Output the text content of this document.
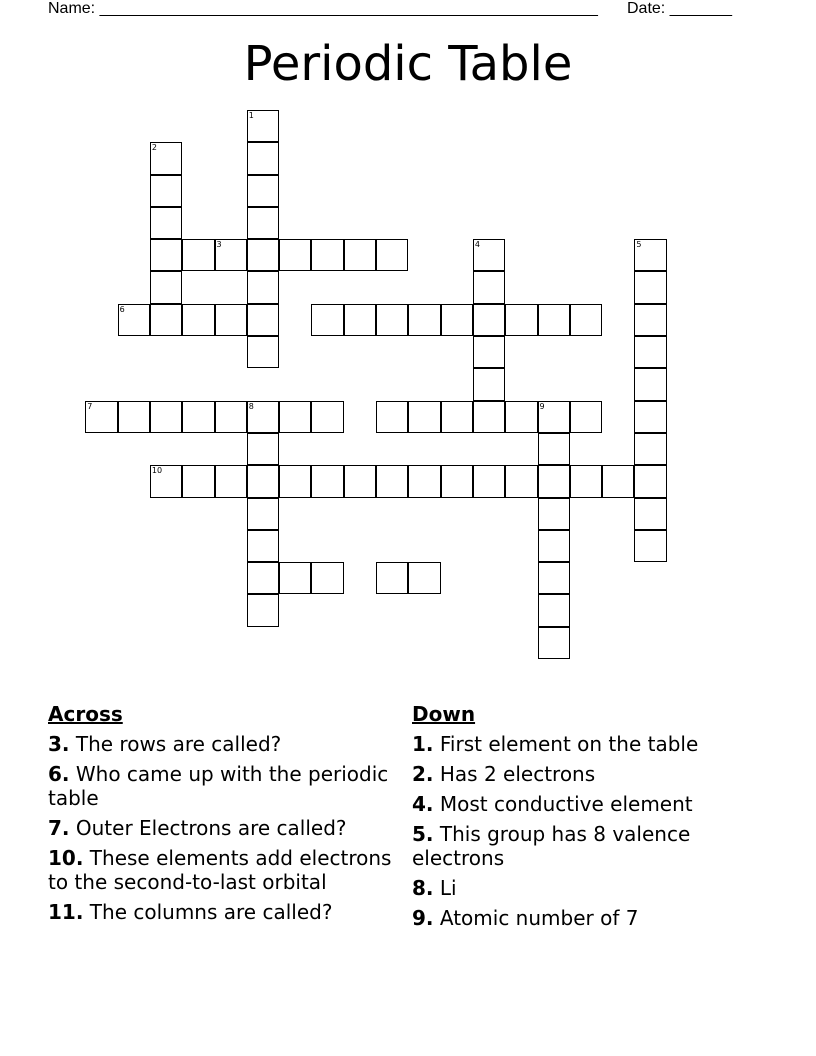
Name: ________________________________________________________ Date: _______
Periodic Table
1
2
3	4	5
6
7	8	9
10
Across
3. The rows are called?
6. Who came up with the periodic table
7. Outer Electrons are called?
10. These elements add electrons to the second-to-last orbital
11. The columns are called?
Down
1. First element on the table
2. Has 2 electrons
4. Most conductive element
5. This group has 8 valence electrons
8. Li
9. Atomic number of 7
